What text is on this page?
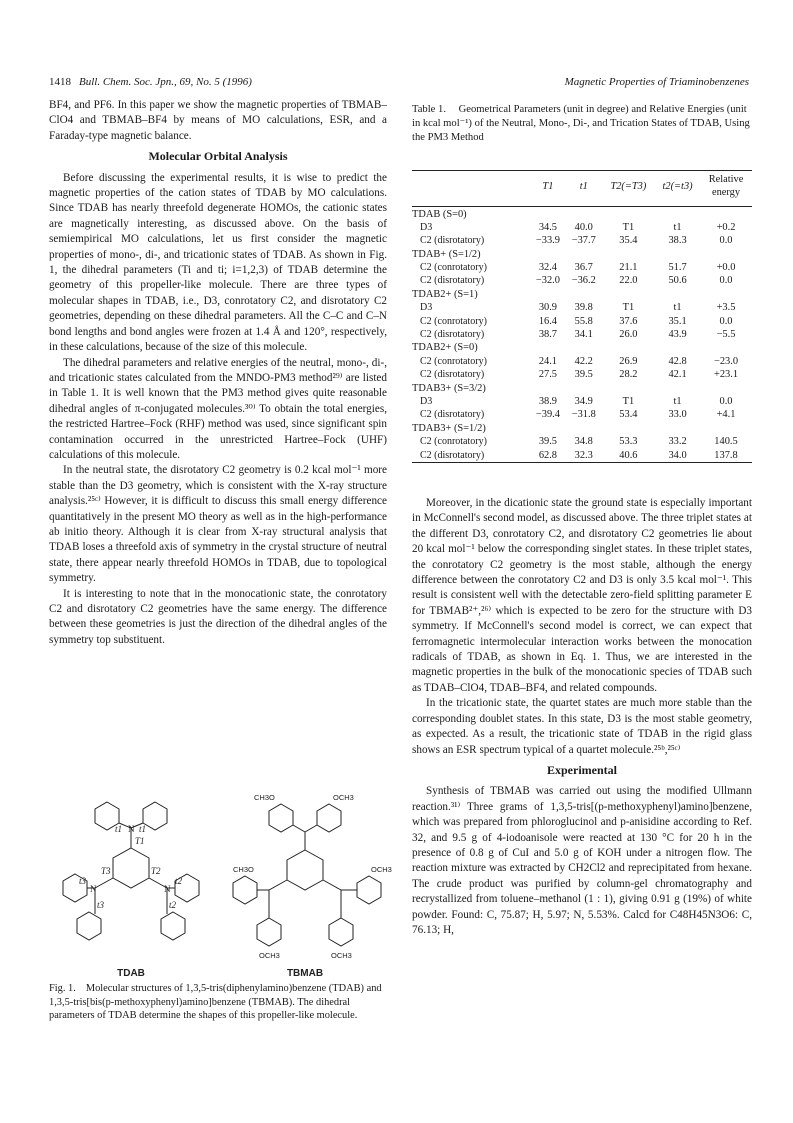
1418 Bull. Chem. Soc. Jpn., 69, No. 5 (1996)	Magnetic Properties of Triaminobenzenes

BF4, and PF6. In this paper we show the magnetic properties of TBMAB–ClO4 and TBMAB–BF4 by means of MO calculations, ESR, and a Faraday-type magnetic balance.

Molecular Orbital Analysis

Before discussing the experimental results, it is wise to predict the magnetic properties of the cation states of TDAB by MO calculations. Since TDAB has nearly threefold degenerate HOMOs, the cationic states are magnetically interesting, as discussed above. On the basis of semiempirical MO calculations, let us first consider the magnetic properties of mono-, di-, and tricationic states of TDAB. As shown in Fig. 1, the dihedral parameters (Ti and ti; i=1,2,3) of TDAB determine the geometry of this propeller-like molecule. There are three types of molecular shapes in TDAB, i.e., D3, conrotatory C2, and disrotatory C2 geometries, depending on these dihedral parameters. All the C–C and C–N bond lengths and bond angles were frozen at 1.4 Å and 120°, respectively, in these calculations, because of the size of this molecule.

The dihedral parameters and relative energies of the neutral, mono-, di-, and tricationic states calculated from the MNDO-PM3 method²⁹⁾ are listed in Table 1. It is well known that the PM3 method gives quite reasonable dihedral angles of π-conjugated molecules.³⁰⁾ To obtain the total energies, the restricted Hartree–Fock (RHF) method was used, since significant spin contamination occurred in the unrestricted Hartree–Fock (UHF) calculations of this molecule.

In the neutral state, the disrotatory C2 geometry is 0.2 kcal mol⁻¹ more stable than the D3 geometry, which is consistent with the X-ray structure analysis.²⁵ᶜ⁾ However, it is difficult to discuss this small energy difference quantitatively in the present MO theory as well as in the high-performance ab initio theory. Although it is clear from X-ray structural analysis that TDAB loses a threefold axis of symmetry in the crystal structure of neutral state, there appear nearly threefold HOMOs in TDAB, due to topological symmetry.

It is interesting to note that in the monocationic state, the conrotatory C2 and disrotatory C2 geometries have the same energy. The difference between these geometries is just the direction of the dihedral angles of the symmetry top substituent.

Table 1. Geometrical Parameters (unit in degree) and Relative Energies (unit in kcal mol⁻¹) of the Neutral, Mono-, Di-, and Trication States of TDAB, Using the PM3 Method
	T1	t1	T2(=T3)	t2(=t3)	Relative energy

TDAB (S=0)					
D3	34.5	40.0	T1	t1	+0.2
C2 (disrotatory)	−33.9	−37.7	35.4	38.3	0.0
TDAB+ (S=1/2)					
C2 (conrotatory)	32.4	36.7	21.1	51.7	+0.0
C2 (disrotatory)	−32.0	−36.2	22.0	50.6	0.0
TDAB2+ (S=1)					
D3	30.9	39.8	T1	t1	+3.5
C2 (conrotatory)	16.4	55.8	37.6	35.1	0.0
C2 (disrotatory)	38.7	34.1	26.0	43.9	−5.5
TDAB2+ (S=0)					
C2 (conrotatory)	24.1	42.2	26.9	42.8	−23.0
C2 (disrotatory)	27.5	39.5	28.2	42.1	+23.1
TDAB3+ (S=3/2)					
D3	38.9	34.9	T1	t1	0.0
C2 (disrotatory)	−39.4	−31.8	53.4	33.0	+4.1
TDAB3+ (S=1/2)					
C2 (conrotatory)	39.5	34.8	53.3	33.2	140.5
C2 (disrotatory)	62.8	32.3	40.6	34.0	137.8
N
N
N
T1
T2
T3
t1 t1
t2
t2
t3
t3
CH3O	OCH3
CH3O	OCH3
OCH3	OCH3
TDAB	TBMAB
Fig. 1. Molecular structures of 1,3,5-tris(diphenylamino)benzene (TDAB) and 1,3,5-tris[bis(p-methoxyphenyl)amino]benzene (TBMAB). The dihedral parameters of TDAB determine the shapes of this propeller-like molecule.

Moreover, in the dicationic state the ground state is especially important in McConnell's second model, as discussed above. The three triplet states at the different D3, conrotatory C2, and disrotatory C2 geometries lie about 20 kcal mol⁻¹ below the corresponding singlet states. In these triplet states, the conrotatory C2 geometry is the most stable, although the energy difference between the conrotatory C2 and D3 is only 3.5 kcal mol⁻¹. This result is consistent well with the detectable zero-field splitting parameter E for TBMAB²⁺,²⁶⁾ which is expected to be zero for the structure with D3 symmetry. If McConnell's second model is correct, we can expect that ferromagnetic intermolecular interaction works between the monocation radicals of TDAB, as shown in Eq. 1. Thus, we are interested in the magnetic properties in the bulk of the monocationic species of TDAB such as TDAB–ClO4, TDAB–BF4, and related compounds.

In the tricationic state, the quartet states are much more stable than the corresponding doublet states. In this state, D3 is the most stable geometry, as expected. As a result, the tricationic state of TDAB in the rigid glass shows an ESR spectrum typical of a quartet molecule.²⁵ᵇ,²⁵ᶜ⁾

Experimental

Synthesis of TBMAB was carried out using the modified Ullmann reaction.³¹⁾ Three grams of 1,3,5-tris[(p-methoxyphenyl)amino]benzene, which was prepared from phloroglucinol and p-anisidine according to Ref. 32, and 9.5 g of 4-iodoanisole were reacted at 130 °C for 20 h in the presence of 0.8 g of CuI and 5.0 g of KOH under a nitrogen flow. The reaction mixture was extracted by CH2Cl2 and reprecipitated from hexane. The crude product was purified by column-gel chromatography and recrystallized from toluene–methanol (1 : 1), giving 0.91 g (19%) of white powder. Found: C, 75.87; H, 5.97; N, 5.53%. Calcd for C48H45N3O6: C, 76.13; H,
